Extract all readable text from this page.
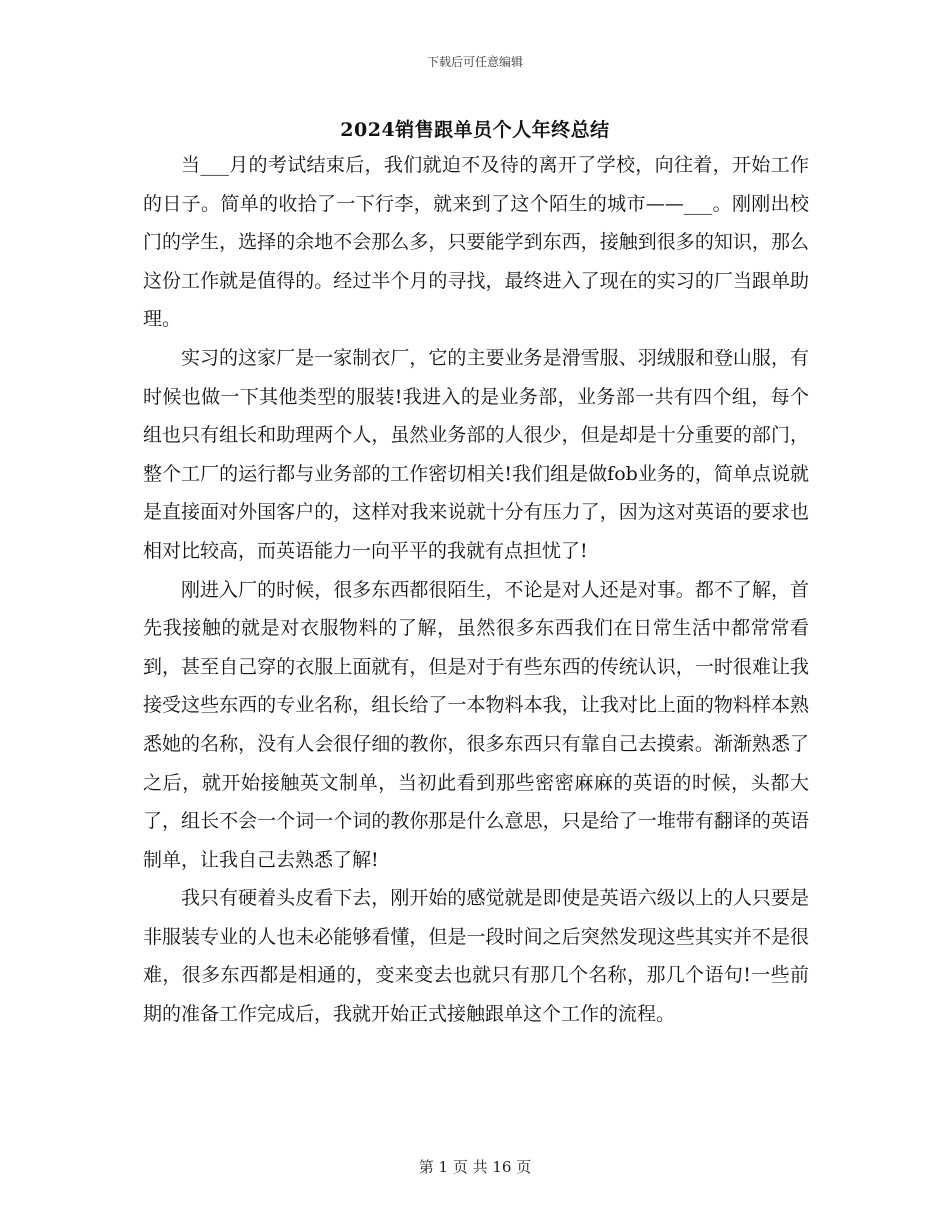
下载后可任意编辑
2024销售跟单员个人年终总结

当___月的考试结束后，我们就迫不及待的离开了学校，向往着，开始工作的日子。简单的收拾了一下行李，就来到了这个陌生的城市——___。刚刚出校门的学生，选择的余地不会那么多，只要能学到东西，接触到很多的知识，那么这份工作就是值得的。经过半个月的寻找，最终进入了现在的实习的厂当跟单助理。

实习的这家厂是一家制衣厂，它的主要业务是滑雪服、羽绒服和登山服，有时候也做一下其他类型的服装!我进入的是业务部，业务部一共有四个组，每个组也只有组长和助理两个人，虽然业务部的人很少，但是却是十分重要的部门，整个工厂的运行都与业务部的工作密切相关!我们组是做fob业务的，简单点说就是直接面对外国客户的，这样对我来说就十分有压力了，因为这对英语的要求也相对比较高，而英语能力一向平平的我就有点担忧了!

刚进入厂的时候，很多东西都很陌生，不论是对人还是对事。都不了解，首先我接触的就是对衣服物料的了解，虽然很多东西我们在日常生活中都常常看到，甚至自己穿的衣服上面就有，但是对于有些东西的传统认识，一时很难让我接受这些东西的专业名称，组长给了一本物料本我，让我对比上面的物料样本熟悉她的名称，没有人会很仔细的教你，很多东西只有靠自己去摸索。渐渐熟悉了之后，就开始接触英文制单，当初此看到那些密密麻麻的英语的时候，头都大了，组长不会一个词一个词的教你那是什么意思，只是给了一堆带有翻译的英语制单，让我自己去熟悉了解!

我只有硬着头皮看下去，刚开始的感觉就是即使是英语六级以上的人只要是非服装专业的人也未必能够看懂，但是一段时间之后突然发现这些其实并不是很难，很多东西都是相通的，变来变去也就只有那几个名称，那几个语句!一些前期的准备工作完成后，我就开始正式接触跟单这个工作的流程。

第 1 页 共 16 页
